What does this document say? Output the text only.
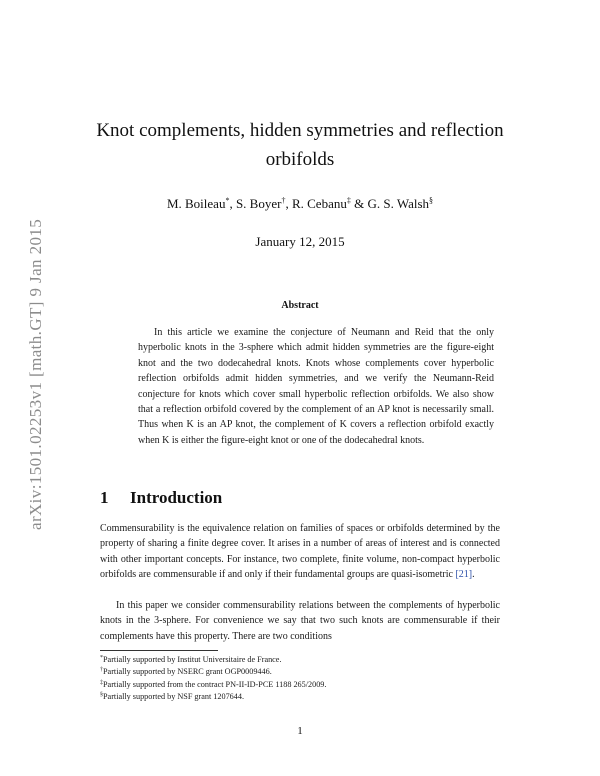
arXiv:1501.02253v1 [math.GT] 9 Jan 2015
Knot complements, hidden symmetries and reflection orbifolds
M. Boileau*, S. Boyer†, R. Cebanu‡ & G. S. Walsh§
January 12, 2015
Abstract

In this article we examine the conjecture of Neumann and Reid that the only hyperbolic knots in the 3-sphere which admit hidden symmetries are the figure-eight knot and the two dodecahedral knots. Knots whose complements cover hyperbolic reflection orbifolds admit hidden symmetries, and we verify the Neumann-Reid conjecture for knots which cover small hyperbolic reflection orbifolds. We also show that a reflection orbifold covered by the complement of an AP knot is necessarily small. Thus when K is an AP knot, the complement of K covers a reflection orbifold exactly when K is either the figure-eight knot or one of the dodecahedral knots.

1 Introduction

Commensurability is the equivalence relation on families of spaces or orbifolds determined by the property of sharing a finite degree cover. It arises in a number of areas of interest and is connected with other important concepts. For instance, two complete, finite volume, non-compact hyperbolic orbifolds are commensurable if and only if their fundamental groups are quasi-isometric [21].

In this paper we consider commensurability relations between the complements of hyperbolic knots in the 3-sphere. For convenience we say that two such knots are commensurable if their complements have this property. There are two conditions

*Partially supported by Institut Universitaire de France.

†Partially supported by NSERC grant OGP0009446.

‡Partially supported from the contract PN-II-ID-PCE 1188 265/2009.

§Partially supported by NSF grant 1207644.

1
